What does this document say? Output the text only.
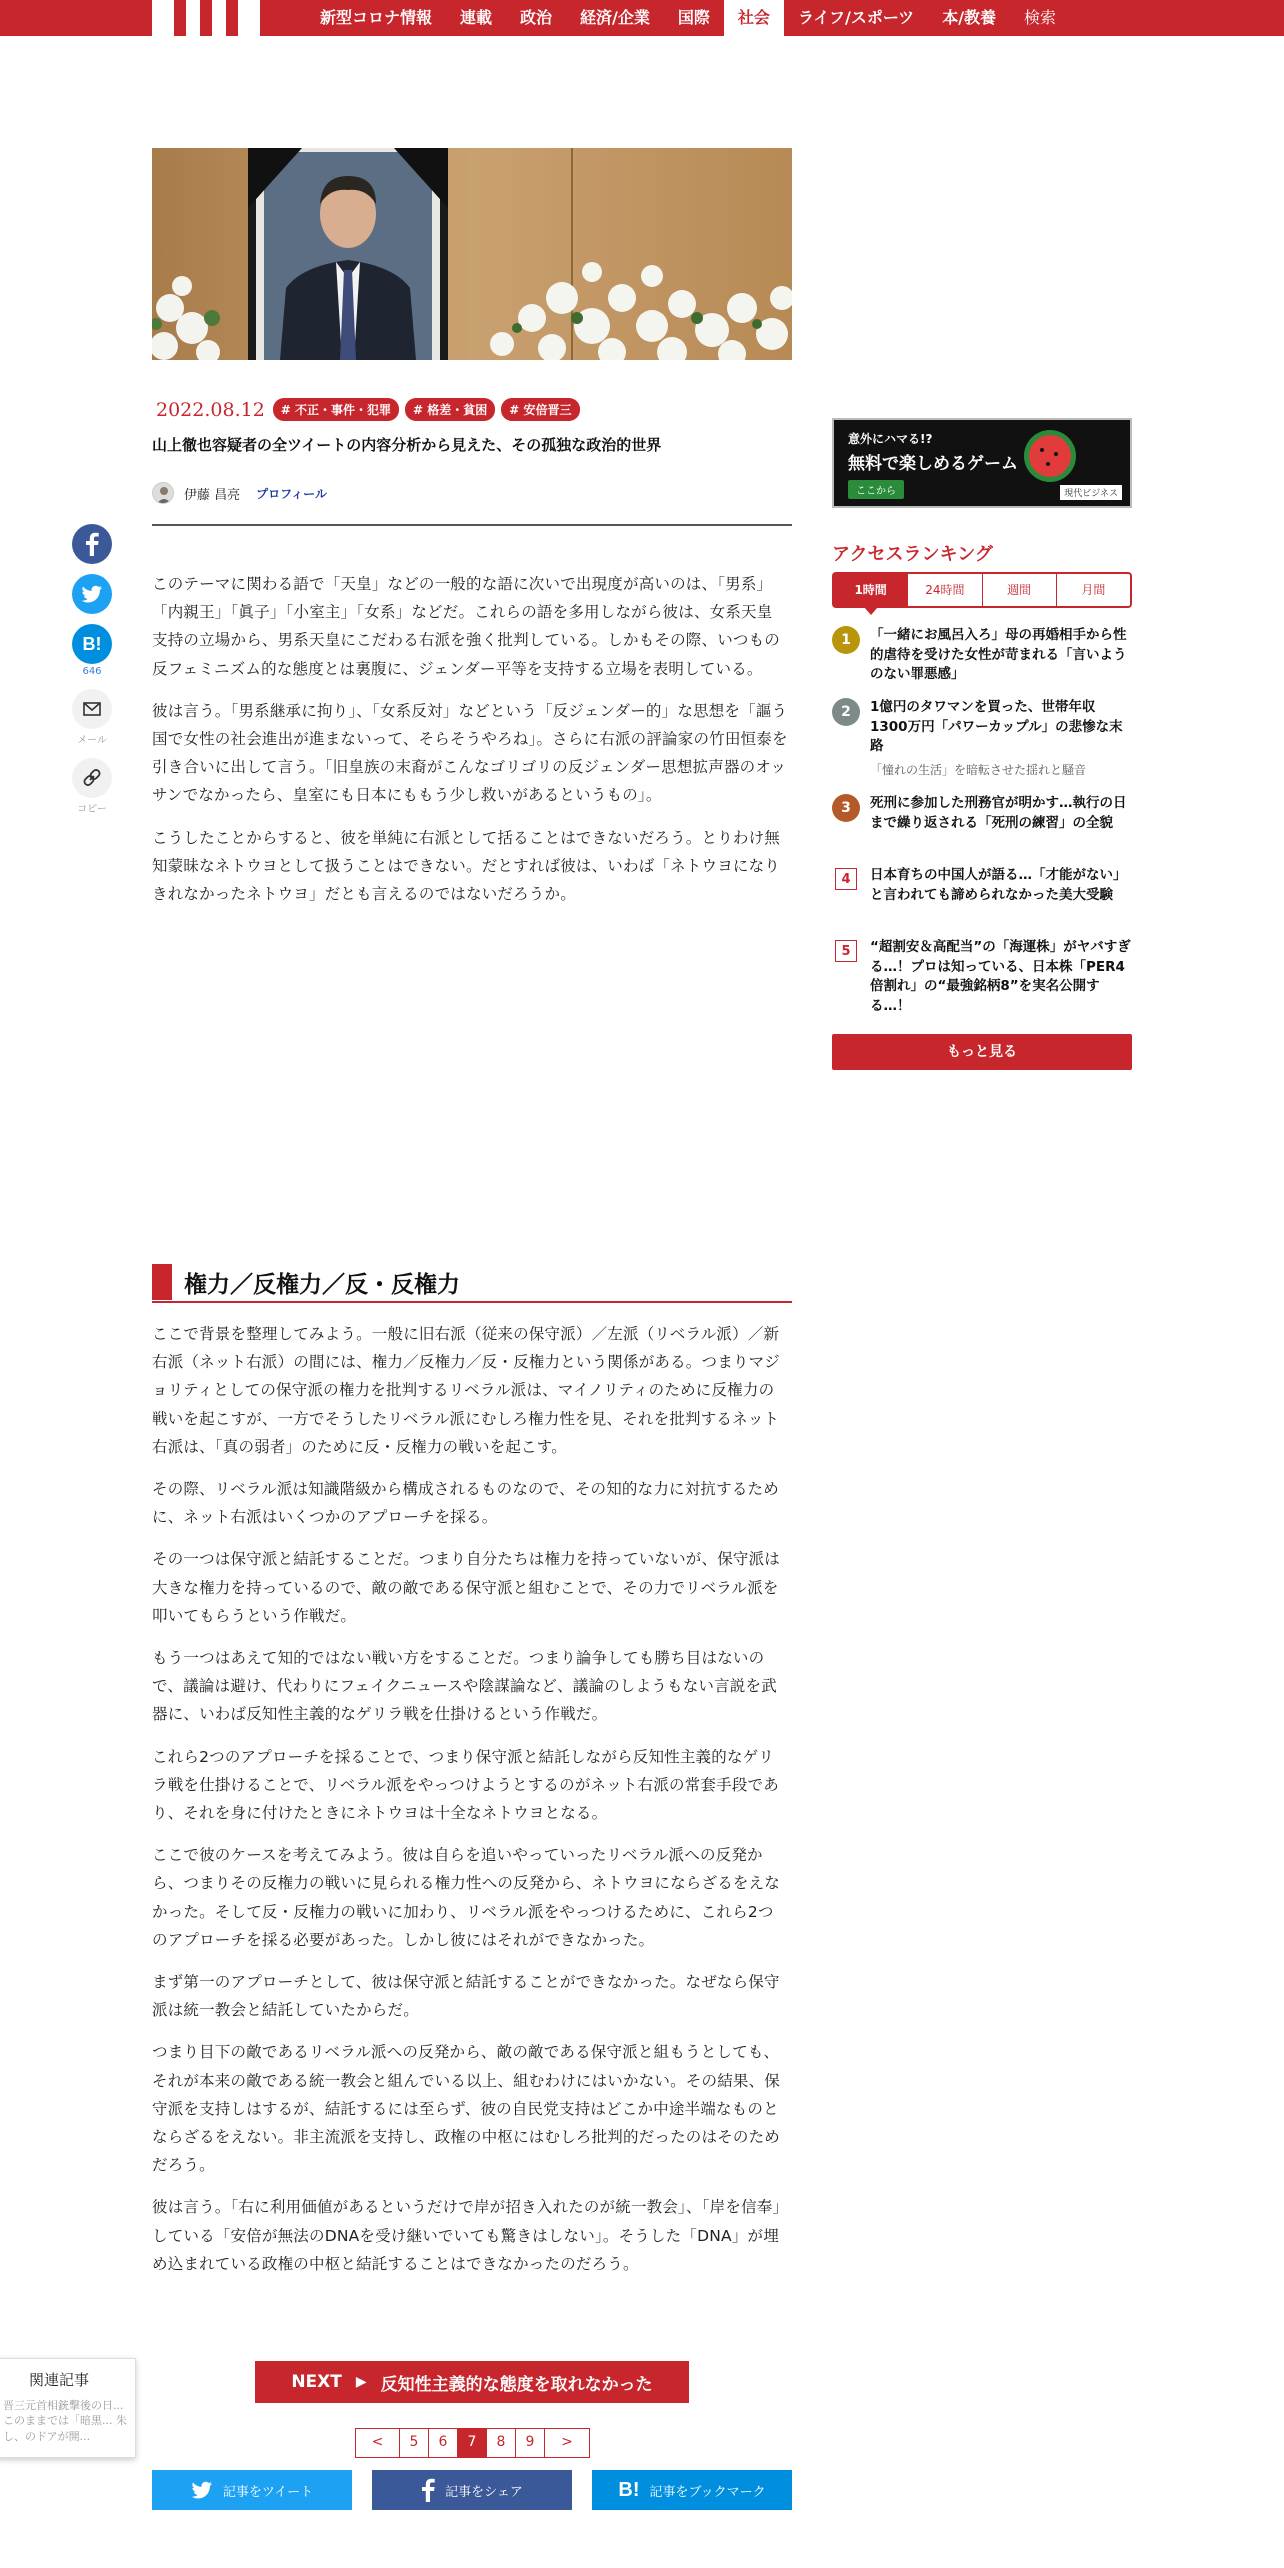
新型コロナ情報	連載	政治	経済/企業	国際	社会	ライフ/スポーツ	本/教養	検索
2022.08.12	# 不正・事件・犯罪	# 格差・貧困	# 安倍晋三
山上徹也容疑者の全ツイートの内容分析から見えた、その孤独な政治的世界
伊藤 昌亮 プロフィール
B!
646
メール
コピー

このテーマに関わる語で「天皇」などの一般的な語に次いで出現度が高いのは、「男系」「内親王」「眞子」「小室主」「女系」などだ。これらの語を多用しながら彼は、女系天皇支持の立場から、男系天皇にこだわる右派を強く批判している。しかもその際、いつもの反フェミニズム的な態度とは裏腹に、ジェンダー平等を支持する立場を表明している。

彼は言う。「男系継承に拘り」、「女系反対」などという「反ジェンダー的」な思想を「謳う国で女性の社会進出が進まないって、そらそうやろね」。さらに右派の評論家の竹田恒泰を引き合いに出して言う。「旧皇族の末裔がこんなゴリゴリの反ジェンダー思想拡声器のオッサンでなかったら、皇室にも日本にももう少し救いがあるというもの」。

こうしたことからすると、彼を単純に右派として括ることはできないだろう。とりわけ無知蒙昧なネトウヨとして扱うことはできない。だとすれば彼は、いわば「ネトウヨになりきれなかったネトウヨ」だとも言えるのではないだろうか。

権力／反権力／反・反権力

ここで背景を整理してみよう。一般に旧右派（従来の保守派）／左派（リベラル派）／新右派（ネット右派）の間には、権力／反権力／反・反権力という関係がある。つまりマジョリティとしての保守派の権力を批判するリベラル派は、マイノリティのために反権力の戦いを起こすが、一方でそうしたリベラル派にむしろ権力性を見、それを批判するネット右派は、「真の弱者」のために反・反権力の戦いを起こす。

その際、リベラル派は知識階級から構成されるものなので、その知的な力に対抗するために、ネット右派はいくつかのアプローチを採る。

その一つは保守派と結託することだ。つまり自分たちは権力を持っていないが、保守派は大きな権力を持っているので、敵の敵である保守派と組むことで、その力でリベラル派を叩いてもらうという作戦だ。

もう一つはあえて知的ではない戦い方をすることだ。つまり論争しても勝ち目はないので、議論は避け、代わりにフェイクニュースや陰謀論など、議論のしようもない言説を武器に、いわば反知性主義的なゲリラ戦を仕掛けるという作戦だ。

これら2つのアプローチを採ることで、つまり保守派と結託しながら反知性主義的なゲリラ戦を仕掛けることで、リベラル派をやっつけようとするのがネット右派の常套手段であり、それを身に付けたときにネトウヨは十全なネトウヨとなる。

ここで彼のケースを考えてみよう。彼は自らを追いやっていったリベラル派への反発から、つまりその反権力の戦いに見られる権力性への反発から、ネトウヨにならざるをえなかった。そして反・反権力の戦いに加わり、リベラル派をやっつけるために、これら2つのアプローチを採る必要があった。しかし彼にはそれができなかった。

まず第一のアプローチとして、彼は保守派と結託することができなかった。なぜなら保守派は統一教会と結託していたからだ。

つまり目下の敵であるリベラル派への反発から、敵の敵である保守派と組もうとしても、それが本来の敵である統一教会と組んでいる以上、組むわけにはいかない。その結果、保守派を支持しはするが、結託するには至らず、彼の自民党支持はどこか中途半端なものとならざるをえない。非主流派を支持し、政権の中枢にはむしろ批判的だったのはそのためだろう。

彼は言う。「右に利用価値があるというだけで岸が招き入れたのが統一教会」、「岸を信奉」している「安倍が無法のDNAを受け継いでいても驚きはしない」。そうした「DNA」が埋め込まれている政権の中枢と結託することはできなかったのだろう。

NEXT ▶ 反知性主義的な態度を取れなかった
<	5	6	7	8	9	>
記事をツイート	記事をシェア	B! 記事をブックマーク
関連記事
晋三元首相銃撃後の日... このままでは「暗黒... 朱し、のドアが開...
意外にハマる!?
無料で楽しめるゲーム
ここから	現代ビジネス
アクセスランキング
1時間	24時間	週間	月間
1	「一緒にお風呂入ろ」母の再婚相手から性的虐待を受けた女性が苛まれる「言いようのない罪悪感」
2	1億円のタワマンを買った、世帯年収1300万円「パワーカップル」の悲惨な末路
「憧れの生活」を暗転させた揺れと騒音
3	死刑に参加した刑務官が明かす…執行の日まで繰り返される「死刑の練習」の全貌
4	日本育ちの中国人が語る…「才能がない」と言われても諦められなかった美大受験
5	“超割安＆高配当”の「海運株」がヤバすぎる…！プロは知っている、日本株「PER4倍割れ」の“最強銘柄8”を実名公開する…！
もっと見る
